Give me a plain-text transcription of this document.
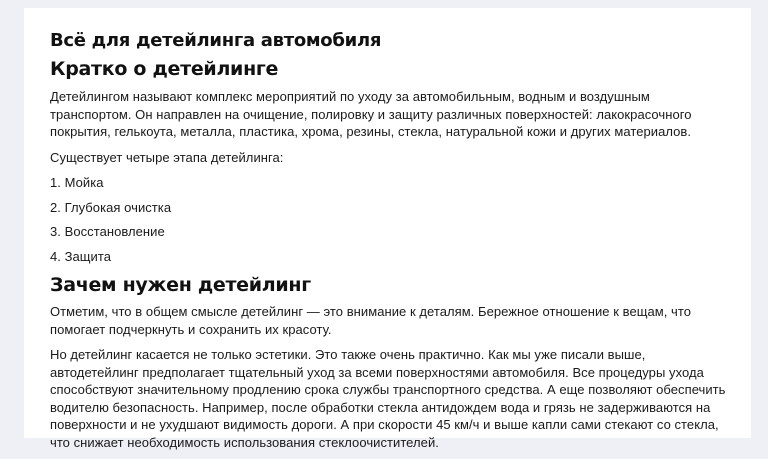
Всё для детейлинга автомобиля
Кратко о детейлинге

Детейлингом называют комплекс мероприятий по уходу за автомобильным, водным и воздушным транспортом. Он направлен на очищение, полировку и защиту различных поверхностей: лакокрасочного покрытия, гелькоута, металла, пластика, хрома, резины, стекла, натуральной кожи и других материалов.

Существует четыре этапа детейлинга:

1. Мойка

2. Глубокая очистка

3. Восстановление

4. Защита

Зачем нужен детейлинг

Отметим, что в общем смысле детейлинг — это внимание к деталям. Бережное отношение к вещам, что помогает подчеркнуть и сохранить их красоту.

Но детейлинг касается не только эстетики. Это также очень практично. Как мы уже писали выше, автодетейлинг предполагает тщательный уход за всеми поверхностями автомобиля. Все процедуры ухода способствуют значительному продлению срока службы транспортного средства. А еще позволяют обеспечить водителю безопасность. Например, после обработки стекла антидождем вода и грязь не задерживаются на поверхности и не ухудшают видимость дороги. А при скорости 45 км/ч и выше капли сами стекают со стекла, что снижает необходимость использования стеклоочистителей.
